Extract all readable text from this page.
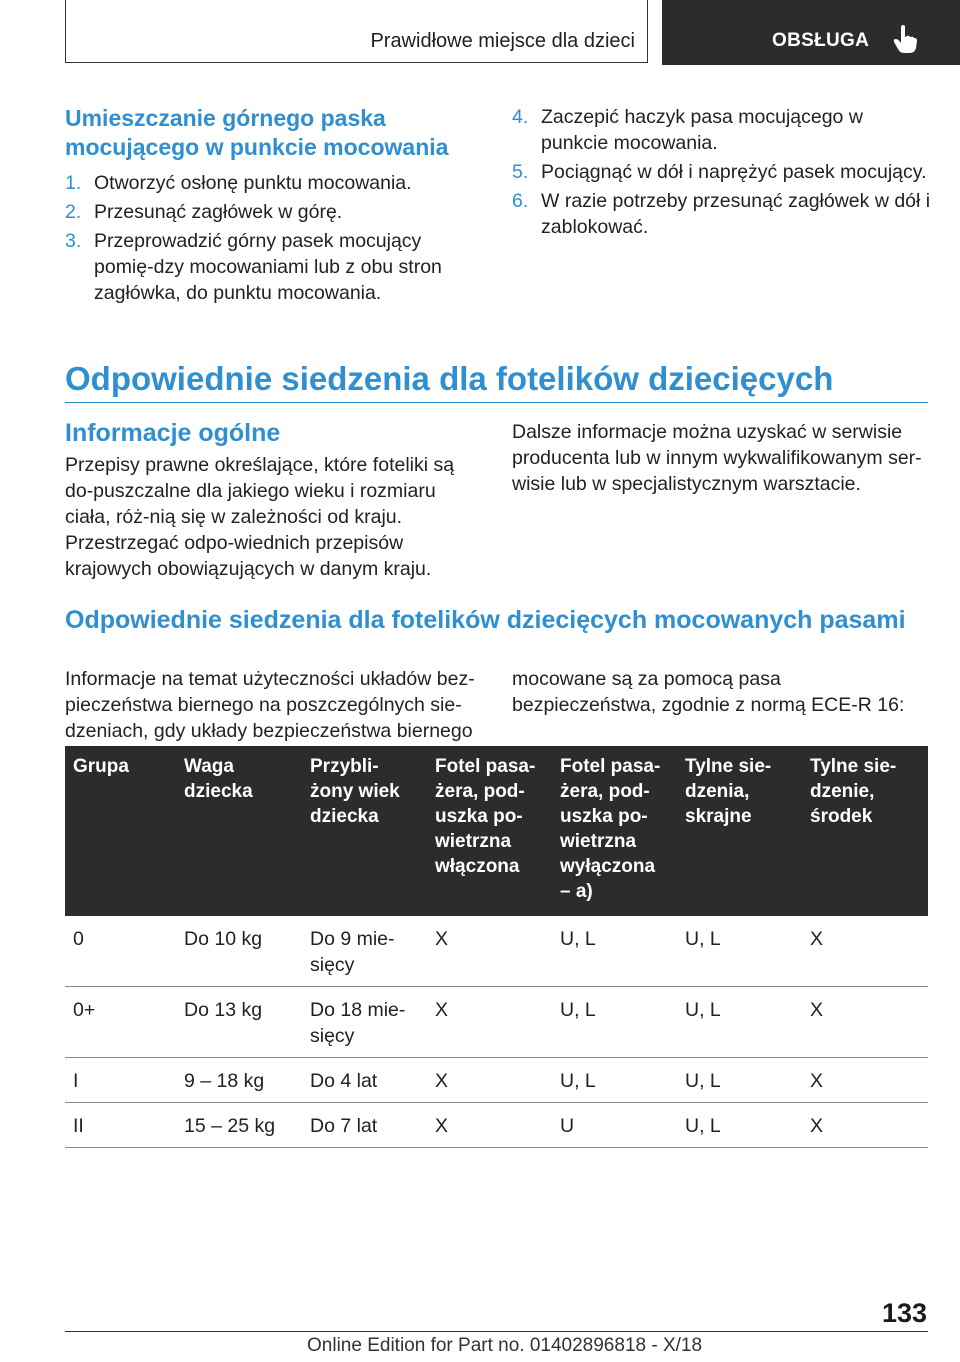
Prawidłowe miejsce dla dzieci	OBSŁUGA
Umieszczanie górnego paska mocującego w punkcie mocowania
1. Otworzyć osłonę punktu mocowania.
2. Przesunąć zagłówek w górę.
3. Przeprowadzić górny pasek mocujący pomię-dzy mocowaniami lub z obu stron zagłówka, do punktu mocowania.
4. Zaczepić haczyk pasa mocującego w punkcie mocowania.
5. Pociągnąć w dół i naprężyć pasek mocujący.
6. W razie potrzeby przesunąć zagłówek w dół i zablokować.
Odpowiednie siedzenia dla fotelików dziecięcych
Informacje ogólne

Przepisy prawne określające, które foteliki są do-puszczalne dla jakiego wieku i rozmiaru ciała, róż-nią się w zależności od kraju. Przestrzegać odpo-wiednich przepisów krajowych obowiązujących w danym kraju.

Dalsze informacje można uzyskać w serwisie producenta lub w innym wykwalifikowanym ser-wisie lub w specjalistycznym warsztacie.

Odpowiednie siedzenia dla fotelików dziecięcych mocowanych pasami

Informacje na temat użyteczności układów bez-pieczeństwa biernego na poszczególnych sie-dzeniach, gdy układy bezpieczeństwa biernego

mocowane są za pomocą pasa bezpieczeństwa, zgodnie z normą ECE-R 16:

Grupa	Waga dziecka	Przybli-żony wiek dziecka	Fotel pasa-żera, pod-uszka po-wietrzna włączona	Fotel pasa-żera, pod-uszka po-wietrzna wyłączona – a)	Tylne sie-dzenia, skrajne	Tylne sie-dzenie, środek
0	Do 10 kg	Do 9 mie-sięcy	X	U, L	U, L	X
0+	Do 13 kg	Do 18 mie-sięcy	X	U, L	U, L	X
I	9 – 18 kg	Do 4 lat	X	U, L	U, L	X
II	15 – 25 kg	Do 7 lat	X	U	U, L	X
133
Online Edition for Part no. 01402896818 - X/18
